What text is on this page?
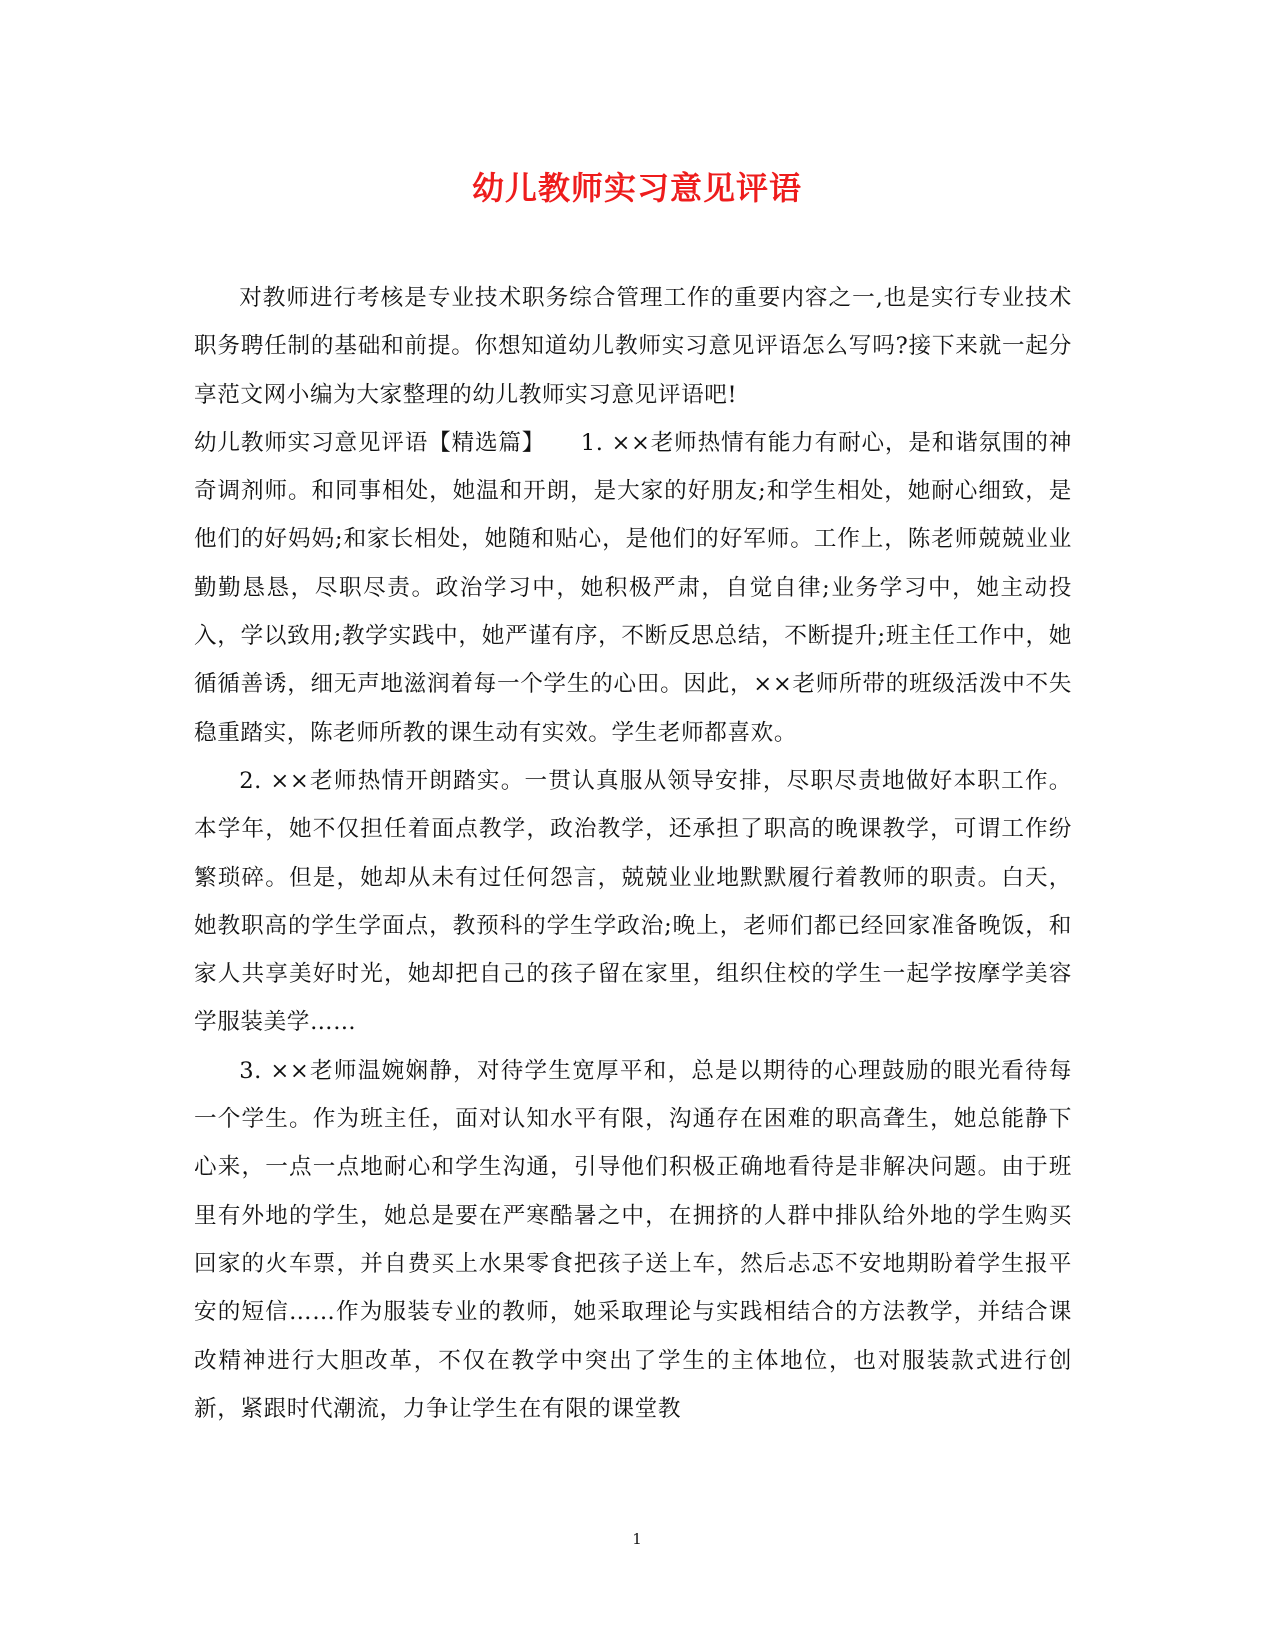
幼儿教师实习意见评语

对教师进行考核是专业技术职务综合管理工作的重要内容之一,也是实行专业技术职务聘任制的基础和前提。你想知道幼儿教师实习意见评语怎么写吗?接下来就一起分享范文网小编为大家整理的幼儿教师实习意见评语吧!

幼儿教师实习意见评语【精选篇】　　1. ××老师热情有能力有耐心，是和谐氛围的神奇调剂师。和同事相处，她温和开朗，是大家的好朋友;和学生相处，她耐心细致，是他们的好妈妈;和家长相处，她随和贴心，是他们的好军师。工作上，陈老师兢兢业业勤勤恳恳，尽职尽责。政治学习中，她积极严肃，自觉自律;业务学习中，她主动投入，学以致用;教学实践中，她严谨有序，不断反思总结，不断提升;班主任工作中，她循循善诱，细无声地滋润着每一个学生的心田。因此，××老师所带的班级活泼中不失稳重踏实，陈老师所教的课生动有实效。学生老师都喜欢。

2. ××老师热情开朗踏实。一贯认真服从领导安排，尽职尽责地做好本职工作。本学年，她不仅担任着面点教学，政治教学，还承担了职高的晚课教学，可谓工作纷繁琐碎。但是，她却从未有过任何怨言，兢兢业业地默默履行着教师的职责。白天，她教职高的学生学面点，教预科的学生学政治;晚上，老师们都已经回家准备晚饭，和家人共享美好时光，她却把自己的孩子留在家里，组织住校的学生一起学按摩学美容学服装美学……

3. ××老师温婉娴静，对待学生宽厚平和，总是以期待的心理鼓励的眼光看待每一个学生。作为班主任，面对认知水平有限，沟通存在困难的职高聋生，她总能静下心来，一点一点地耐心和学生沟通，引导他们积极正确地看待是非解决问题。由于班里有外地的学生，她总是要在严寒酷暑之中，在拥挤的人群中排队给外地的学生购买回家的火车票，并自费买上水果零食把孩子送上车，然后忐忑不安地期盼着学生报平安的短信……作为服装专业的教师，她采取理论与实践相结合的方法教学，并结合课改精神进行大胆改革，不仅在教学中突出了学生的主体地位，也对服装款式进行创新，紧跟时代潮流，力争让学生在有限的课堂教

1
